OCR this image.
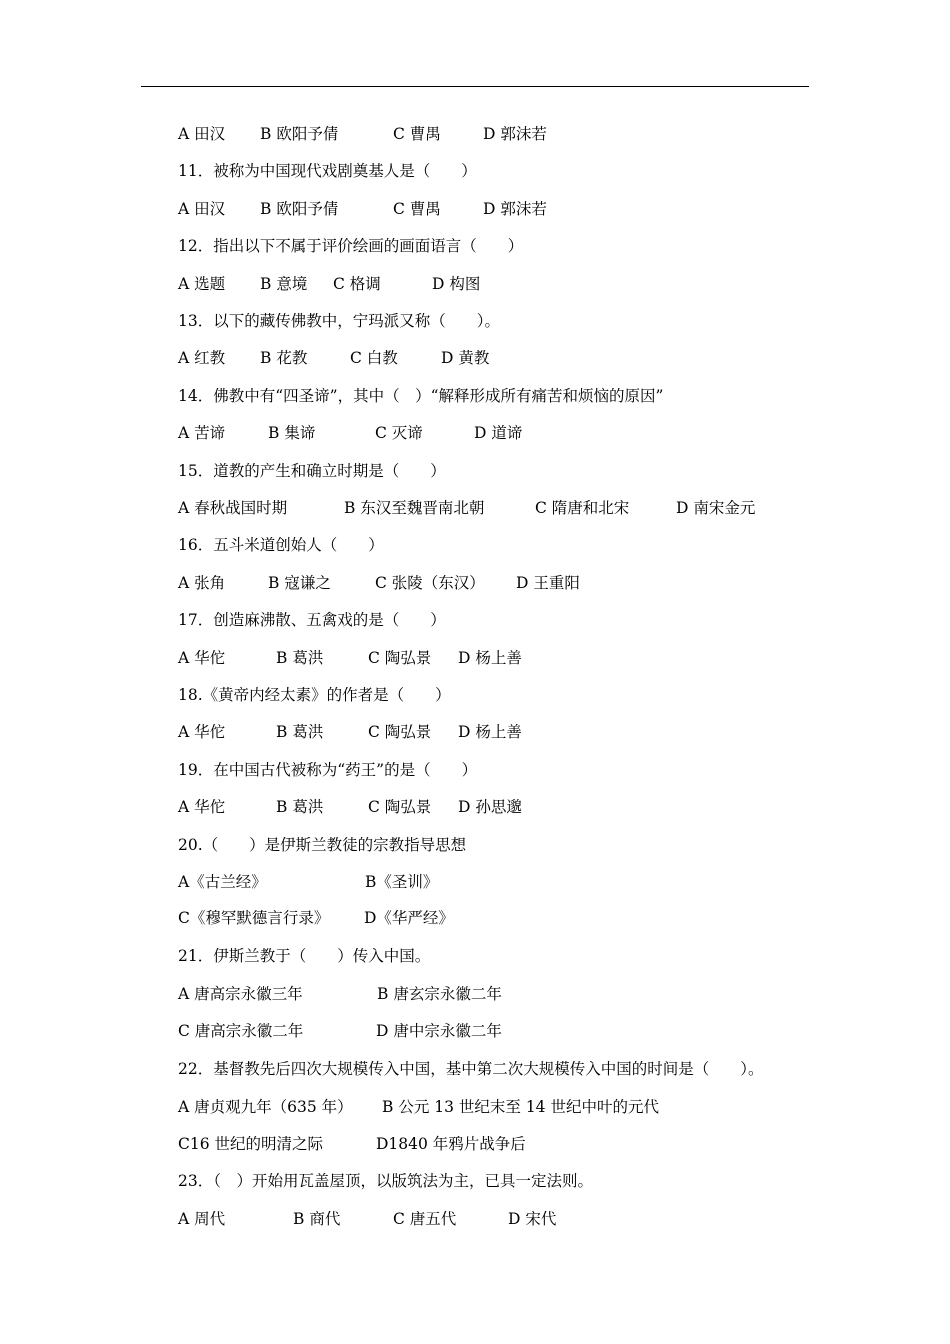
A 田汉 B 欧阳予倩	C 曹禺	D 郭沫若
11．被称为中国现代戏剧奠基人是（　　）
A 田汉 B 欧阳予倩	C 曹禺	D 郭沫若
12．指出以下不属于评价绘画的画面语言（　　）
A 选题 B 意境 C 格调	D 构图
13．以下的藏传佛教中，宁玛派又称（　　）。
A 红教 B 花教	C 白教	D 黄教
14．佛教中有“四圣谛”，其中（　）“解释形成所有痛苦和烦恼的原因”
A 苦谛	B 集谛	C 灭谛	D 道谛
15．道教的产生和确立时期是（　　）
A 春秋战国时期	B 东汉至魏晋南北朝	C 隋唐和北宋	D 南宋金元
16．五斗米道创始人（　　）
A 张角	B 寇谦之	C 张陵（东汉） D 王重阳
17．创造麻沸散、五禽戏的是（　　）
A 华佗	B 葛洪	C 陶弘景 D 杨上善
18.《黄帝内经太素》的作者是（　　）
A 华佗	B 葛洪	C 陶弘景 D 杨上善
19．在中国古代被称为“药王”的是（　　）
A 华佗	B 葛洪	C 陶弘景 D 孙思邈
20.（　　）是伊斯兰教徒的宗教指导思想
A《古兰经》	B《圣训》
C《穆罕默德言行录》 D《华严经》
21．伊斯兰教于（　　）传入中国。
A 唐高宗永徽三年	B 唐玄宗永徽二年
C 唐高宗永徽二年	D 唐中宗永徽二年
22．基督教先后四次大规模传入中国，基中第二次大规模传入中国的时间是（　　）。
A 唐贞观九年（635 年） B 公元 13 世纪末至 14 世纪中叶的元代
C16 世纪的明清之际	D1840 年鸦片战争后
23．（　）开始用瓦盖屋顶，以版筑法为主，已具一定法则。
A 周代	B 商代	C 唐五代	D 宋代
